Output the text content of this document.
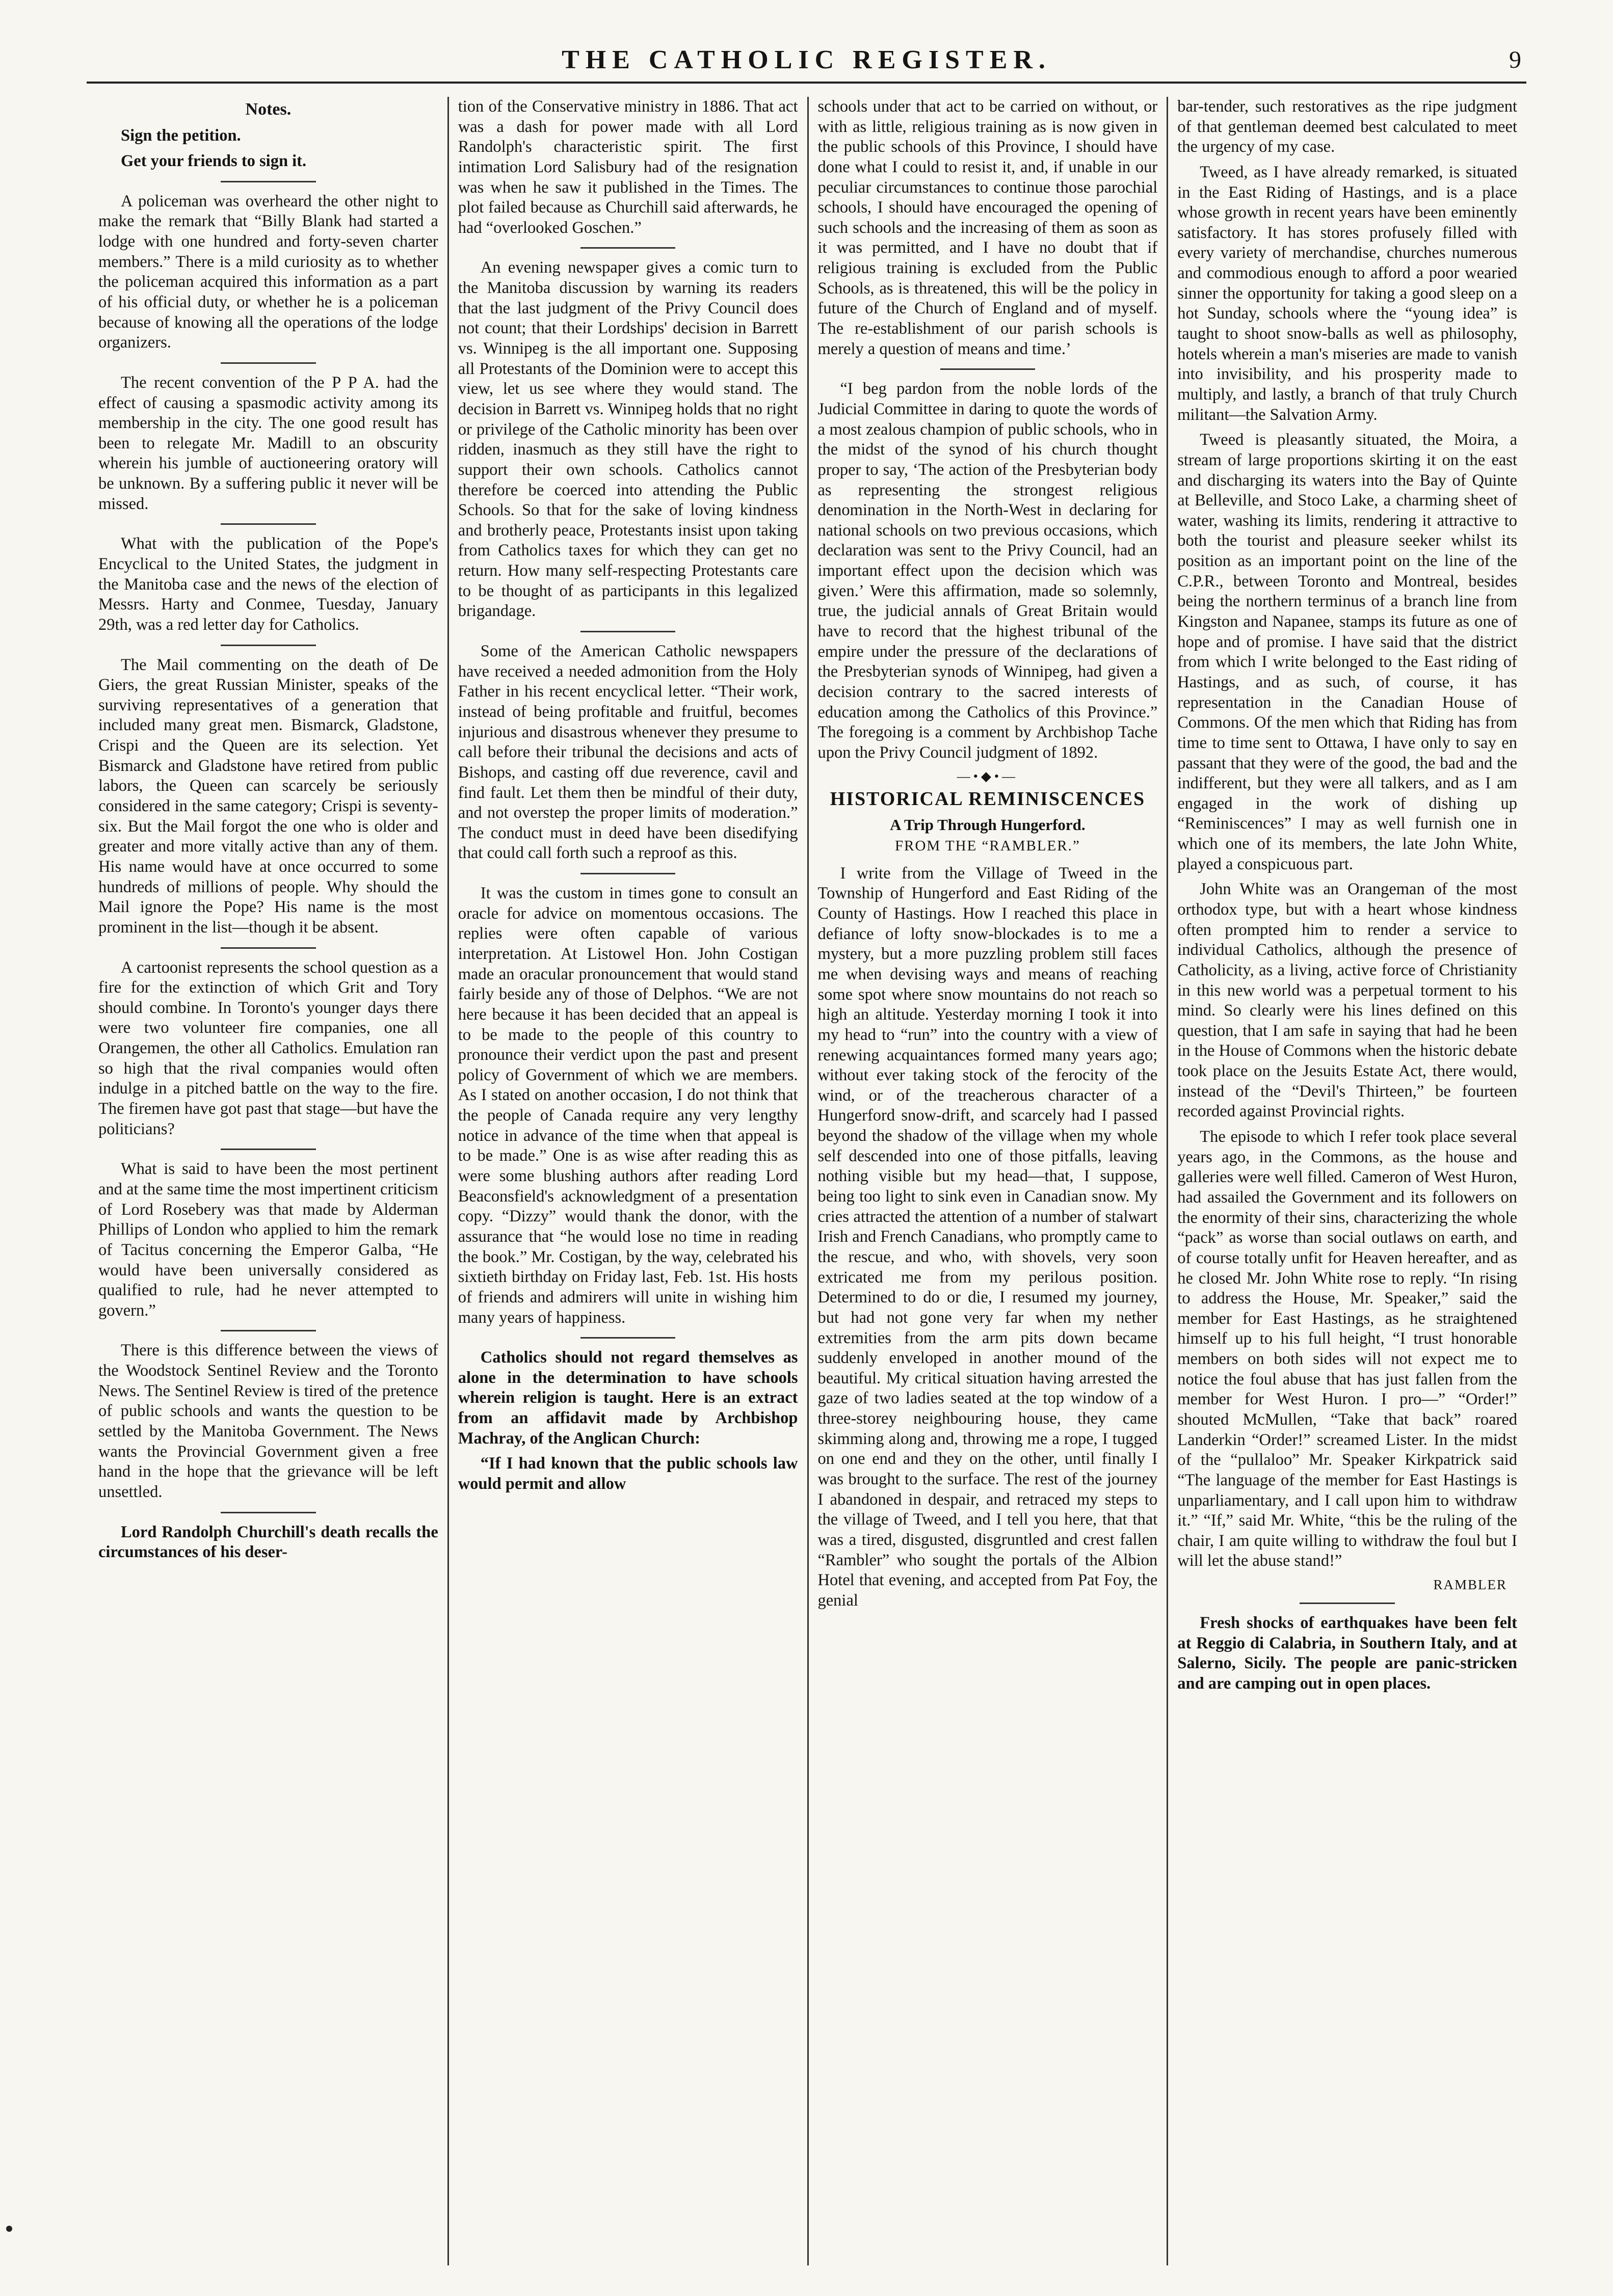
THE CATHOLIC REGISTER.	9
Notes.

Sign the petition.

Get your friends to sign it.

A policeman was overheard the other night to make the remark that “Billy Blank had started a lodge with one hundred and forty-seven charter members.” There is a mild curiosity as to whether the policeman acquired this information as a part of his official duty, or whether he is a policeman because of knowing all the operations of the lodge organizers.

The recent convention of the P P A. had the effect of causing a spasmodic activity among its membership in the city. The one good result has been to relegate Mr. Madill to an obscurity wherein his jumble of auctioneering oratory will be unknown. By a suffering public it never will be missed.

What with the publication of the Pope's Encyclical to the United States, the judgment in the Manitoba case and the news of the election of Messrs. Harty and Conmee, Tuesday, January 29th, was a red letter day for Catholics.

The Mail commenting on the death of De Giers, the great Russian Minister, speaks of the surviving representatives of a generation that included many great men. Bismarck, Gladstone, Crispi and the Queen are its selection. Yet Bismarck and Gladstone have retired from public labors, the Queen can scarcely be seriously considered in the same category; Crispi is seventy-six. But the Mail forgot the one who is older and greater and more vitally active than any of them. His name would have at once occurred to some hundreds of millions of people. Why should the Mail ignore the Pope? His name is the most prominent in the list—though it be absent.

A cartoonist represents the school question as a fire for the extinction of which Grit and Tory should combine. In Toronto's younger days there were two volunteer fire companies, one all Orangemen, the other all Catholics. Emulation ran so high that the rival companies would often indulge in a pitched battle on the way to the fire. The firemen have got past that stage—but have the politicians?

What is said to have been the most pertinent and at the same time the most impertinent criticism of Lord Rosebery was that made by Alderman Phillips of London who applied to him the remark of Tacitus concerning the Emperor Galba, “He would have been universally considered as qualified to rule, had he never attempted to govern.”

There is this difference between the views of the Woodstock Sentinel Review and the Toronto News. The Sentinel Review is tired of the pretence of public schools and wants the question to be settled by the Manitoba Government. The News wants the Provincial Government given a free hand in the hope that the grievance will be left unsettled.

Lord Randolph Churchill's death recalls the circumstances of his deser-

tion of the Conservative ministry in 1886. That act was a dash for power made with all Lord Randolph's characteristic spirit. The first intimation Lord Salisbury had of the resignation was when he saw it published in the Times. The plot failed because as Churchill said afterwards, he had “overlooked Goschen.”

An evening newspaper gives a comic turn to the Manitoba discussion by warning its readers that the last judgment of the Privy Council does not count; that their Lordships' decision in Barrett vs. Winnipeg is the all important one. Supposing all Protestants of the Dominion were to accept this view, let us see where they would stand. The decision in Barrett vs. Winnipeg holds that no right or privilege of the Catholic minority has been over ridden, inasmuch as they still have the right to support their own schools. Catholics cannot therefore be coerced into attending the Public Schools. So that for the sake of loving kindness and brotherly peace, Protestants insist upon taking from Catholics taxes for which they can get no return. How many self-respecting Protestants care to be thought of as participants in this legalized brigandage.

Some of the American Catholic newspapers have received a needed admonition from the Holy Father in his recent encyclical letter. “Their work, instead of being profitable and fruitful, becomes injurious and disastrous whenever they presume to call before their tribunal the decisions and acts of Bishops, and casting off due reverence, cavil and find fault. Let them then be mindful of their duty, and not overstep the proper limits of moderation.” The conduct must in deed have been disedifying that could call forth such a reproof as this.

It was the custom in times gone to consult an oracle for advice on momentous occasions. The replies were often capable of various interpretation. At Listowel Hon. John Costigan made an oracular pronouncement that would stand fairly beside any of those of Delphos. “We are not here because it has been decided that an appeal is to be made to the people of this country to pronounce their verdict upon the past and present policy of Government of which we are members. As I stated on another occasion, I do not think that the people of Canada require any very lengthy notice in advance of the time when that appeal is to be made.” One is as wise after reading this as were some blushing authors after reading Lord Beaconsfield's acknowledgment of a presentation copy. “Dizzy” would thank the donor, with the assurance that “he would lose no time in reading the book.” Mr. Costigan, by the way, celebrated his sixtieth birthday on Friday last, Feb. 1st. His hosts of friends and admirers will unite in wishing him many years of happiness.

Catholics should not regard themselves as alone in the determination to have schools wherein religion is taught. Here is an extract from an affidavit made by Archbishop Machray, of the Anglican Church:

“If I had known that the public schools law would permit and allow

schools under that act to be carried on without, or with as little, religious training as is now given in the public schools of this Province, I should have done what I could to resist it, and, if unable in our peculiar circumstances to continue those parochial schools, I should have encouraged the opening of such schools and the increasing of them as soon as it was permitted, and I have no doubt that if religious training is excluded from the Public Schools, as is threatened, this will be the policy in future of the Church of England and of myself. The re-establishment of our parish schools is merely a question of means and time.’

“I beg pardon from the noble lords of the Judicial Committee in daring to quote the words of a most zealous champion of public schools, who in the midst of the synod of his church thought proper to say, ‘The action of the Presbyterian body as representing the strongest religious denomination in the North-West in declaring for national schools on two previous occasions, which declaration was sent to the Privy Council, had an important effect upon the decision which was given.’ Were this affirmation, made so solemnly, true, the judicial annals of Great Britain would have to record that the highest tribunal of the empire under the pressure of the declarations of the Presbyterian synods of Winnipeg, had given a decision contrary to the sacred interests of education among the Catholics of this Province.” The foregoing is a comment by Archbishop Tache upon the Privy Council judgment of 1892.

—•◆•—
HISTORICAL REMINISCENCES
A Trip Through Hungerford.
FROM THE “RAMBLER.”

I write from the Village of Tweed in the Township of Hungerford and East Riding of the County of Hastings. How I reached this place in defiance of lofty snow-blockades is to me a mystery, but a more puzzling problem still faces me when devising ways and means of reaching some spot where snow mountains do not reach so high an altitude. Yesterday morning I took it into my head to “run” into the country with a view of renewing acquaintances formed many years ago; without ever taking stock of the ferocity of the wind, or of the treacherous character of a Hungerford snow-drift, and scarcely had I passed beyond the shadow of the village when my whole self descended into one of those pitfalls, leaving nothing visible but my head—that, I suppose, being too light to sink even in Canadian snow. My cries attracted the attention of a number of stalwart Irish and French Canadians, who promptly came to the rescue, and who, with shovels, very soon extricated me from my perilous position. Determined to do or die, I resumed my journey, but had not gone very far when my nether extremities from the arm pits down became suddenly enveloped in another mound of the beautiful. My critical situation having arrested the gaze of two ladies seated at the top window of a three-storey neighbouring house, they came skimming along and, throwing me a rope, I tugged on one end and they on the other, until finally I was brought to the surface. The rest of the journey I abandoned in despair, and retraced my steps to the village of Tweed, and I tell you here, that that was a tired, disgusted, disgruntled and crest fallen “Rambler” who sought the portals of the Albion Hotel that evening, and accepted from Pat Foy, the genial

bar-tender, such restoratives as the ripe judgment of that gentleman deemed best calculated to meet the urgency of my case.

Tweed, as I have already remarked, is situated in the East Riding of Hastings, and is a place whose growth in recent years have been eminently satisfactory. It has stores profusely filled with every variety of merchandise, churches numerous and commodious enough to afford a poor wearied sinner the opportunity for taking a good sleep on a hot Sunday, schools where the “young idea” is taught to shoot snow-balls as well as philosophy, hotels wherein a man's miseries are made to vanish into invisibility, and his prosperity made to multiply, and lastly, a branch of that truly Church militant—the Salvation Army.

Tweed is pleasantly situated, the Moira, a stream of large proportions skirting it on the east and discharging its waters into the Bay of Quinte at Belleville, and Stoco Lake, a charming sheet of water, washing its limits, rendering it attractive to both the tourist and pleasure seeker whilst its position as an important point on the line of the C.P.R., between Toronto and Montreal, besides being the northern terminus of a branch line from Kingston and Napanee, stamps its future as one of hope and of promise. I have said that the district from which I write belonged to the East riding of Hastings, and as such, of course, it has representation in the Canadian House of Commons. Of the men which that Riding has from time to time sent to Ottawa, I have only to say en passant that they were of the good, the bad and the indifferent, but they were all talkers, and as I am engaged in the work of dishing up “Reminiscences” I may as well furnish one in which one of its members, the late John White, played a conspicuous part.

John White was an Orangeman of the most orthodox type, but with a heart whose kindness often prompted him to render a service to individual Catholics, although the presence of Catholicity, as a living, active force of Christianity in this new world was a perpetual torment to his mind. So clearly were his lines defined on this question, that I am safe in saying that had he been in the House of Commons when the historic debate took place on the Jesuits Estate Act, there would, instead of the “Devil's Thirteen,” be fourteen recorded against Provincial rights.

The episode to which I refer took place several years ago, in the Commons, as the house and galleries were well filled. Cameron of West Huron, had assailed the Government and its followers on the enormity of their sins, characterizing the whole “pack” as worse than social outlaws on earth, and of course totally unfit for Heaven hereafter, and as he closed Mr. John White rose to reply. “In rising to address the House, Mr. Speaker,” said the member for East Hastings, as he straightened himself up to his full height, “I trust honorable members on both sides will not expect me to notice the foul abuse that has just fallen from the member for West Huron. I pro—” “Order!” shouted McMullen, “Take that back” roared Landerkin “Order!” screamed Lister. In the midst of the “pullaloo” Mr. Speaker Kirkpatrick said “The language of the member for East Hastings is unparliamentary, and I call upon him to withdraw it.” “If,” said Mr. White, “this be the ruling of the chair, I am quite willing to withdraw the foul but I will let the abuse stand!”

RAMBLER

Fresh shocks of earthquakes have been felt at Reggio di Calabria, in Southern Italy, and at Salerno, Sicily. The people are panic-stricken and are camping out in open places.
